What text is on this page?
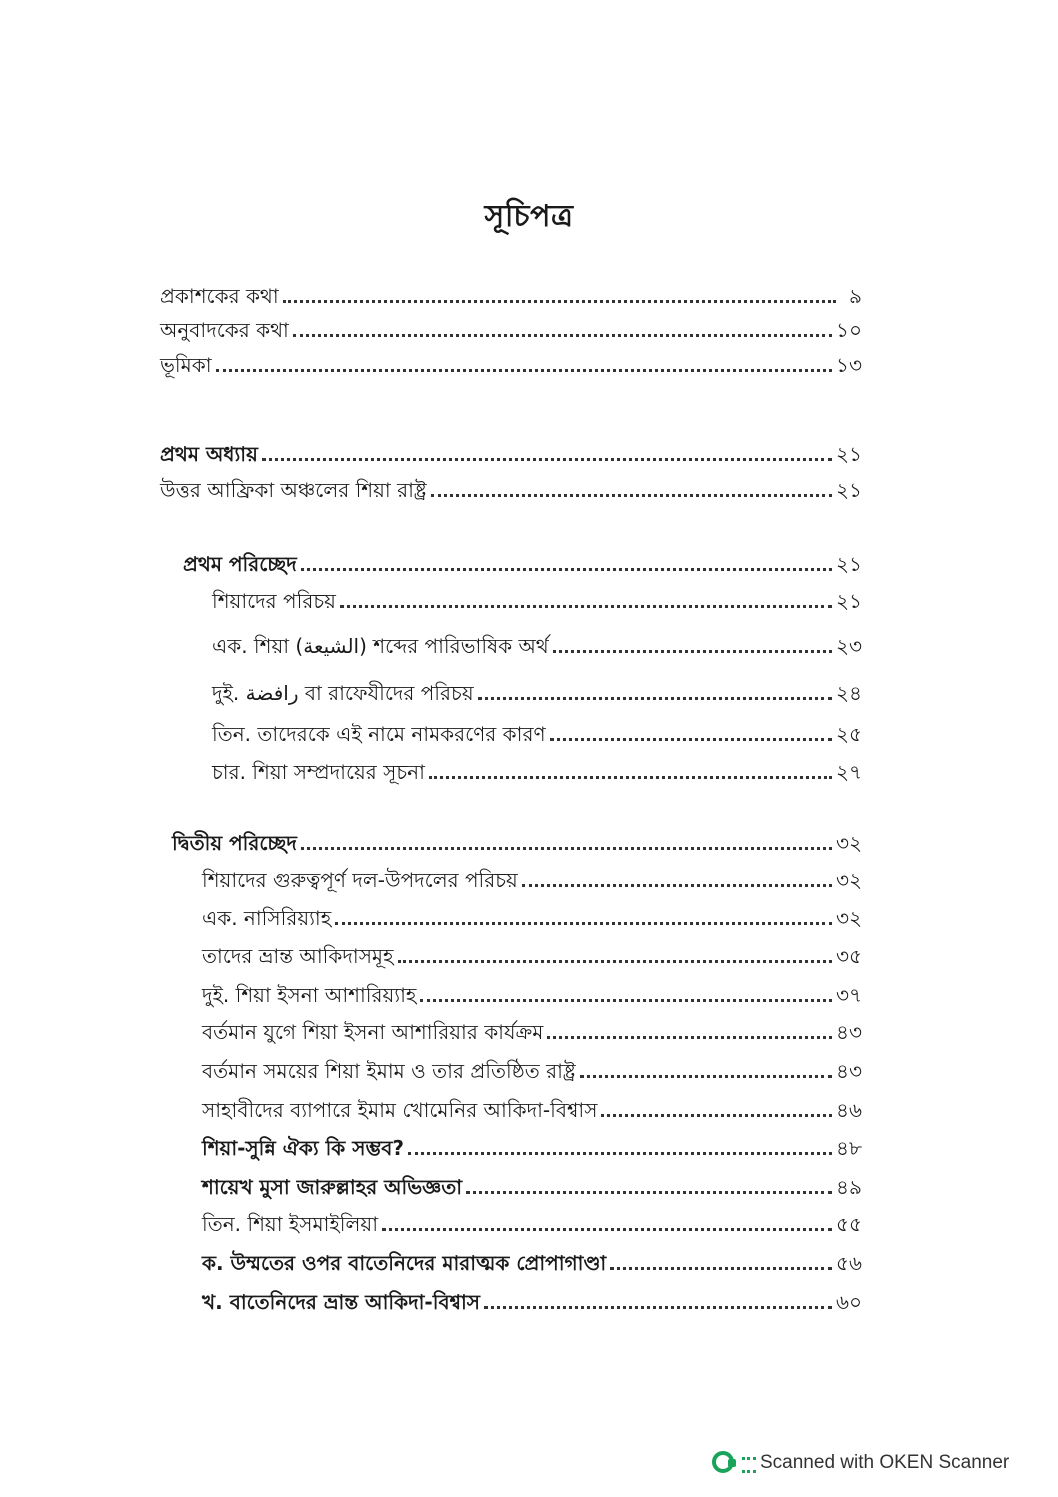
সূচিপত্র
প্রকাশকের কথা	৯
অনুবাদকের কথা	১০
ভূমিকা	১৩
প্রথম অধ্যায়	২১
উত্তর আফ্রিকা অঞ্চলের শিয়া রাষ্ট্র	২১
প্রথম পরিচ্ছেদ	২১
শিয়াদের পরিচয়	২১
এক. শিয়া (الشيعة) শব্দের পারিভাষিক অর্থ	২৩
দুই. رافضة বা রাফেযীদের পরিচয়	২৪
তিন. তাদেরকে এই নামে নামকরণের কারণ	২৫
চার. শিয়া সম্প্রদায়ের সূচনা	২৭
দ্বিতীয় পরিচ্ছেদ	৩২
শিয়াদের গুরুত্বপূর্ণ দল-উপদলের পরিচয়	৩২
এক. নাসিরিয়্যাহ	৩২
তাদের ভ্রান্ত আকিদাসমূহ	৩৫
দুই. শিয়া ইসনা আশারিয়্যাহ	৩৭
বর্তমান যুগে শিয়া ইসনা আশারিয়ার কার্যক্রম	৪৩
বর্তমান সময়ের শিয়া ইমাম ও তার প্রতিষ্ঠিত রাষ্ট্র	৪৩
সাহাবীদের ব্যাপারে ইমাম খোমেনির আকিদা-বিশ্বাস	৪৬
শিয়া-সুন্নি ঐক্য কি সম্ভব?	৪৮
শায়েখ মুসা জারুল্লাহর অভিজ্ঞতা	৪৯
তিন. শিয়া ইসমাইলিয়া	৫৫
ক. উম্মতের ওপর বাতেনিদের মারাত্মক প্রোপাগাণ্ডা	৫৬
খ. বাতেনিদের ভ্রান্ত আকিদা-বিশ্বাস	৬০
Scanned with OKEN Scanner
